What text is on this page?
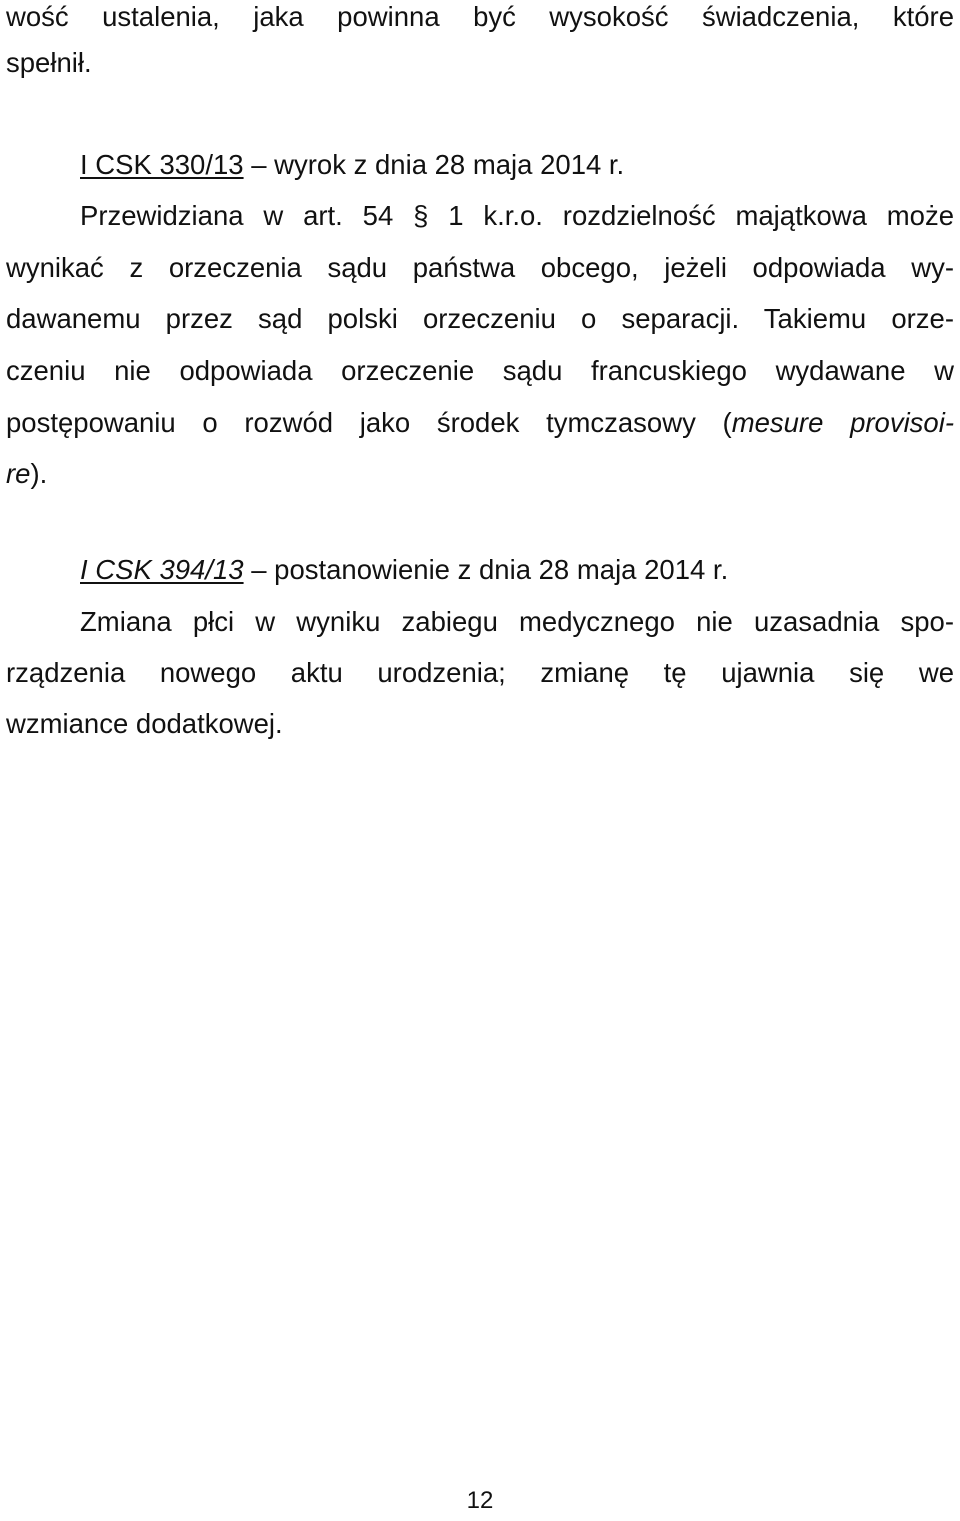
wość ustalenia, jaka powinna być wysokość świadczenia, które
spełnił.
I CSK 330/13 – wyrok z dnia 28 maja 2014 r.
Przewidziana w art. 54 § 1 k.r.o. rozdzielność majątkowa może
wynikać z orzeczenia sądu państwa obcego, jeżeli odpowiada wy-
dawanemu przez sąd polski orzeczeniu o separacji. Takiemu orze-
czeniu nie odpowiada orzeczenie sądu francuskiego wydawane w
postępowaniu o rozwód jako środek tymczasowy (mesure provisoi-
re).
I CSK 394/13 – postanowienie z dnia 28 maja 2014 r.
Zmiana płci w wyniku zabiegu medycznego nie uzasadnia spo-
rządzenia nowego aktu urodzenia; zmianę tę ujawnia się we
wzmiance dodatkowej.
12
